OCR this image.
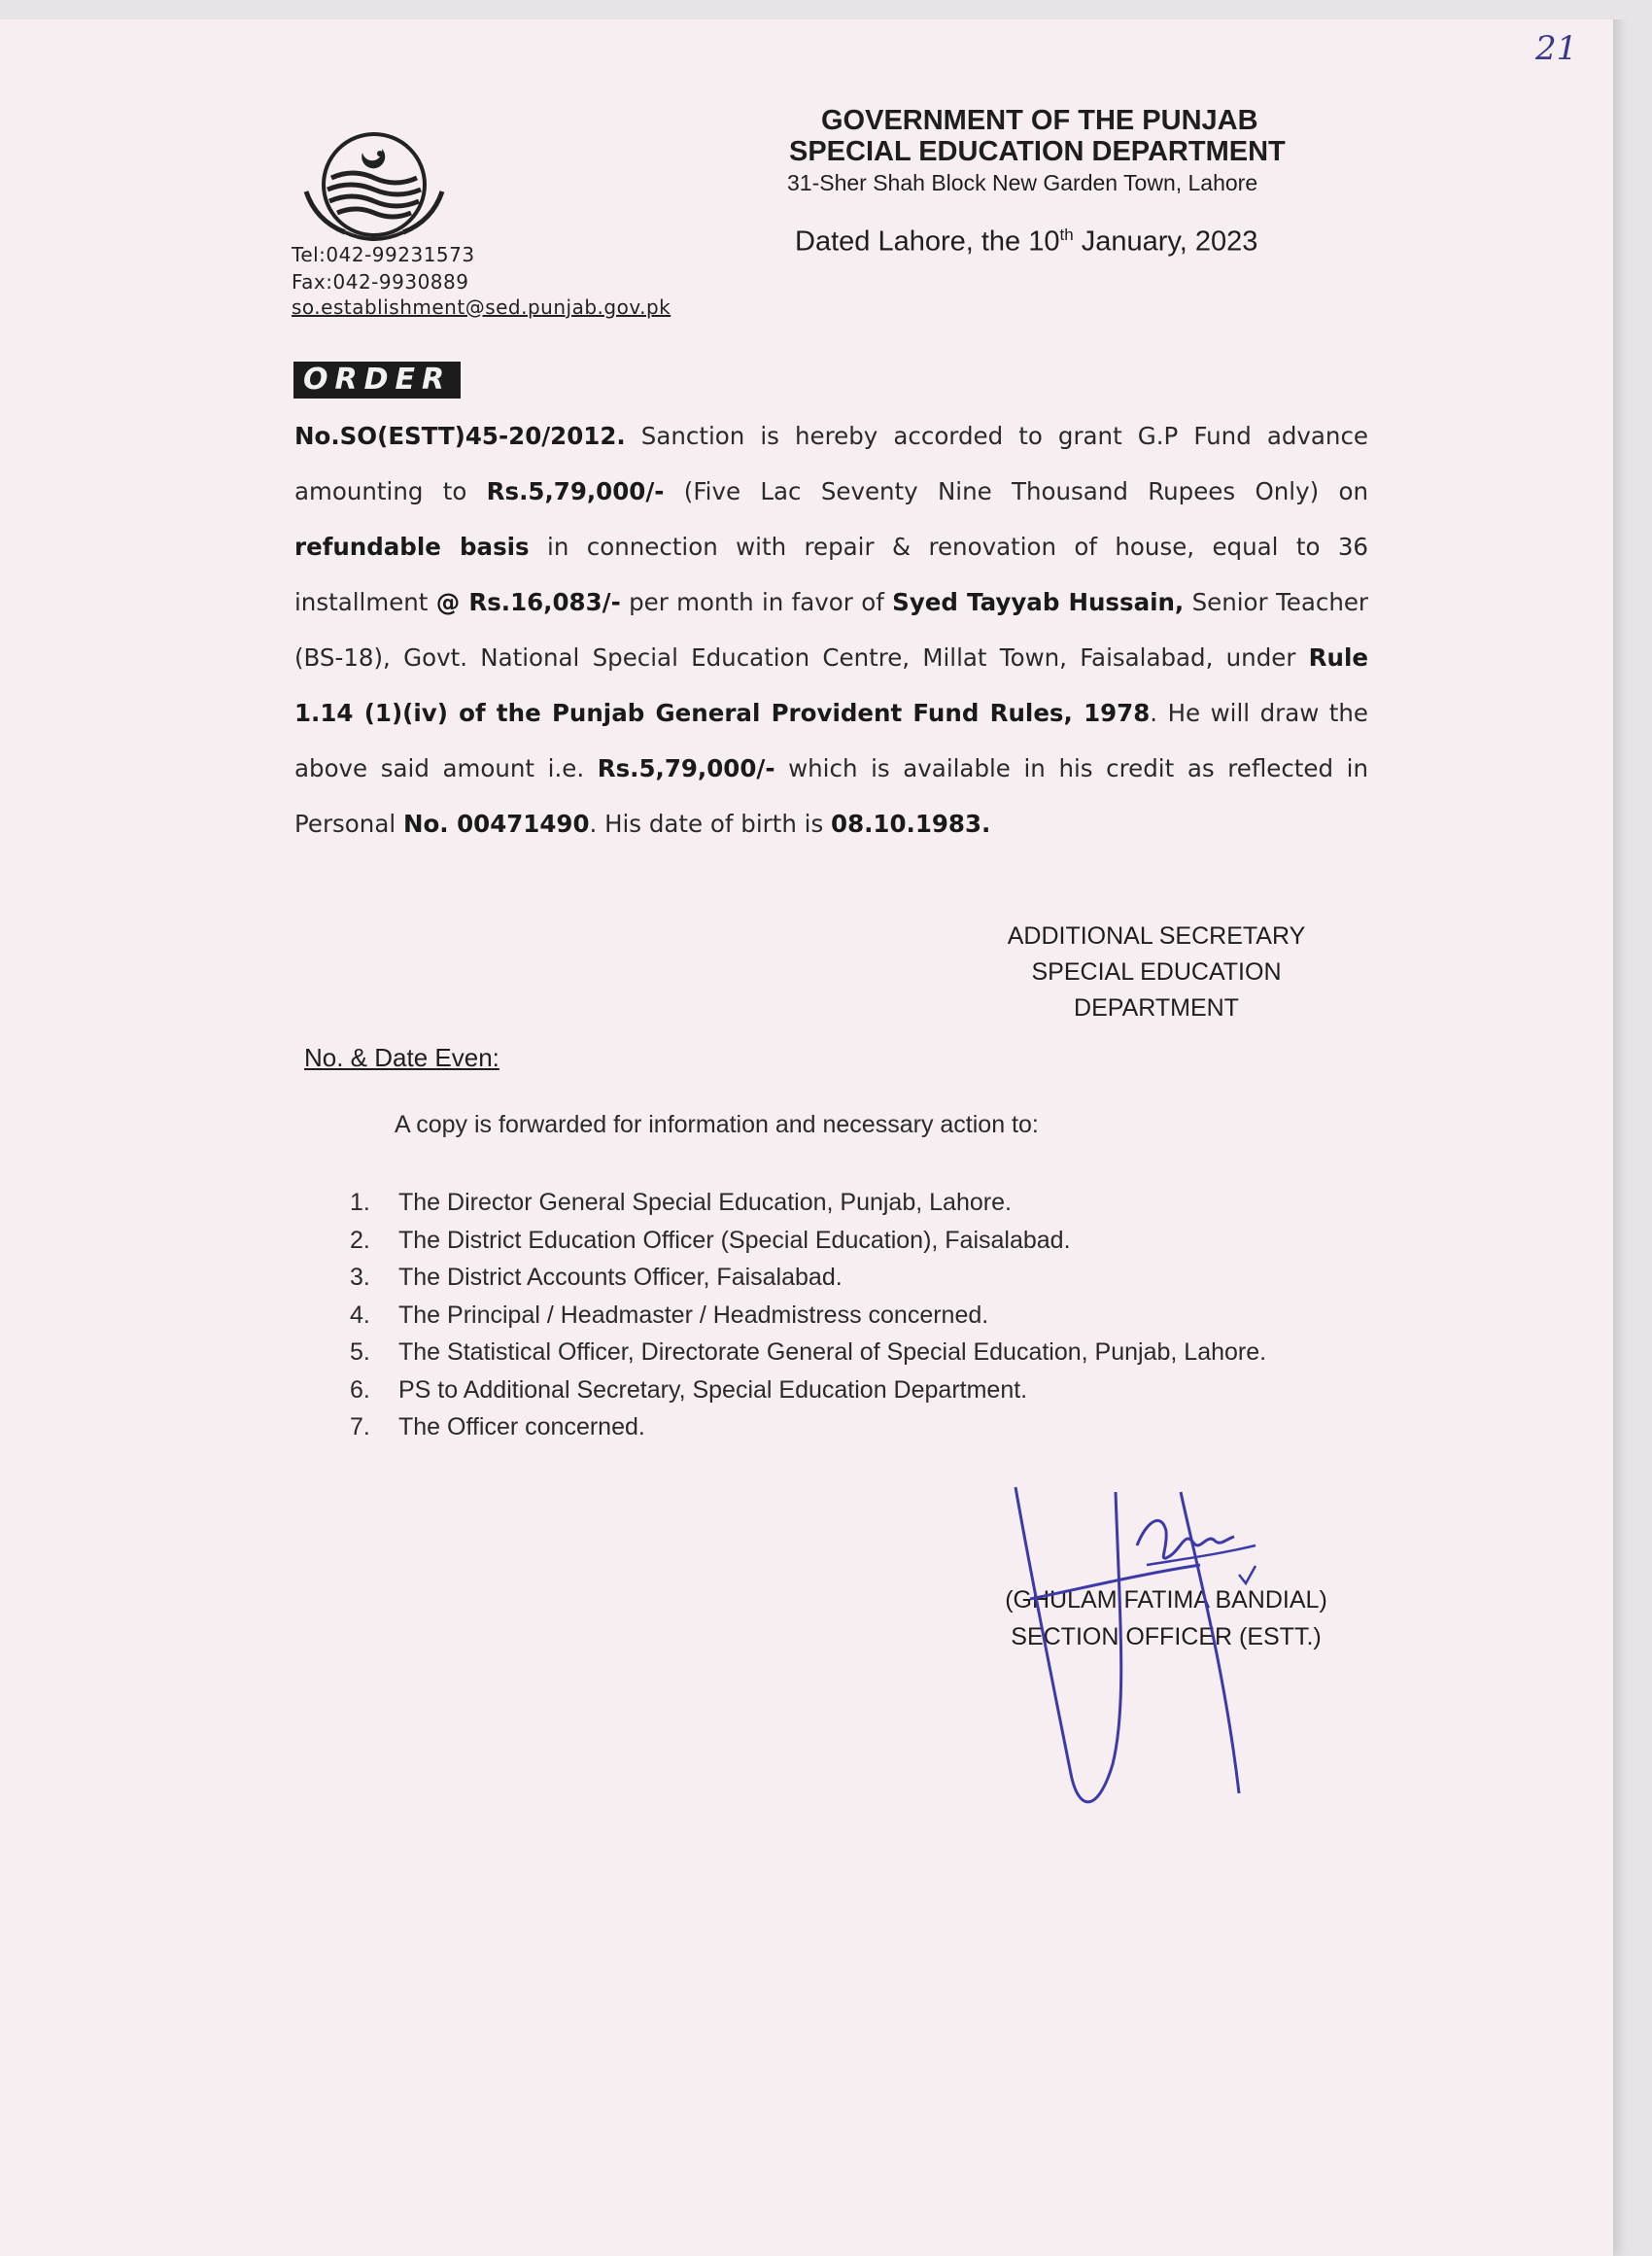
21
Tel:042-99231573
Fax:042-9930889
so.establishment@sed.punjab.gov.pk
GOVERNMENT OF THE PUNJAB
SPECIAL EDUCATION DEPARTMENT
31-Sher Shah Block New Garden Town, Lahore
Dated Lahore, the 10th January, 2023
ORDER
No.SO(ESTT)45-20/2012. Sanction is hereby accorded to grant G.P Fund advance amounting to Rs.5,79,000/- (Five Lac Seventy Nine Thousand Rupees Only) on refundable basis in connection with repair & renovation of house, equal to 36 installment @ Rs.16,083/- per month in favor of Syed Tayyab Hussain, Senior Teacher (BS-18), Govt. National Special Education Centre, Millat Town, Faisalabad, under Rule 1.14 (1)(iv) of the Punjab General Provident Fund Rules, 1978. He will draw the above said amount i.e. Rs.5,79,000/- which is available in his credit as reflected in Personal No. 00471490. His date of birth is 08.10.1983.
ADDITIONAL SECRETARY
SPECIAL EDUCATION
DEPARTMENT
No. & Date Even:
A copy is forwarded for information and necessary action to:
1.	The Director General Special Education, Punjab, Lahore.
2.	The District Education Officer (Special Education), Faisalabad.
3.	The District Accounts Officer, Faisalabad.
4.	The Principal / Headmaster / Headmistress concerned.
5.	The Statistical Officer, Directorate General of Special Education, Punjab, Lahore.
6.	PS to Additional Secretary, Special Education Department.
7.	The Officer concerned.
(GHULAM FATIMA BANDIAL)
SECTION OFFICER (ESTT.)
